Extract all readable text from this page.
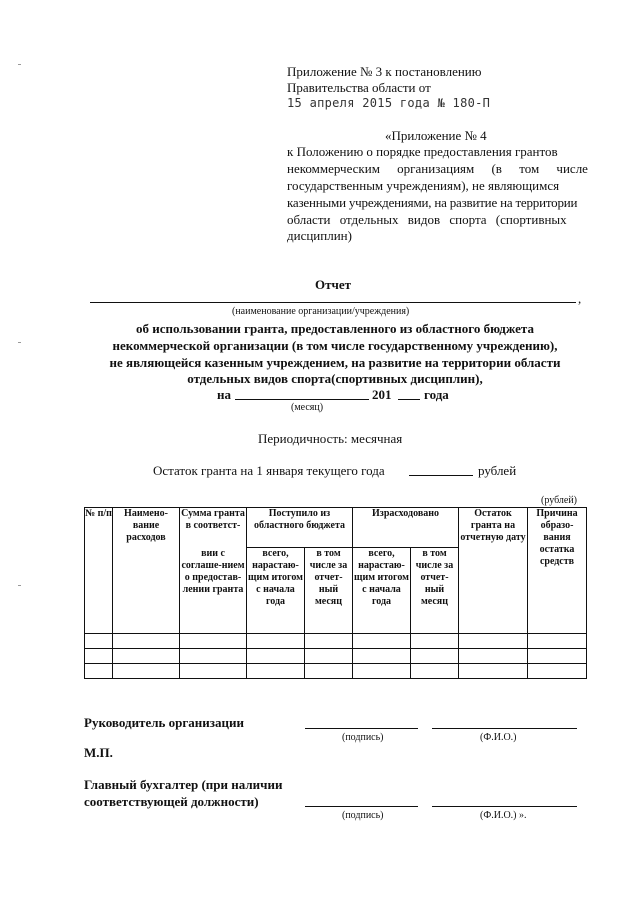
Приложение № 3 к постановлению
Правительства области от
15 апреля 2015 года № 180-П
«Приложение № 4
к Положению о порядке предоставления грантов
некоммерческим организациям (в том числе
государственным учреждениям), не являющимся
казенными учреждениями, на развитие на территории
области отдельных видов спорта (спортивных
дисциплин)
Отчет
,
(наименование организации/учреждения)
об использовании гранта, предоставленного из областного бюджета
некоммерческой организации (в том числе государственному учреждению),
не являющейся казенным учреждением, на развитие на территории области
отдельных видов спорта(спортивных дисциплин),
на	201	года
(месяц)
Периодичность: месячная
Остаток гранта на 1 января текущего года	рублей
(рублей)
№ п/п	Наимено-вание расходов	Сумма гранта в соответст-	Поступило из областного бюджета		Израсходовано		Остаток гранта на отчетную дату	Причина образо-вания остатка средств
		вии с соглаше-нием о предостав-лении гранта	всего, нарастаю-щим итогом с начала года	в том числе за отчет-ный месяц	всего, нарастаю-щим итогом с начала года	в том числе за отчет-ный месяц		

Руководитель организации
(подпись)	(Ф.И.О.)
М.П.
Главный бухгалтер (при наличии
соответствующей должности)
(подпись)	(Ф.И.О.) ».
